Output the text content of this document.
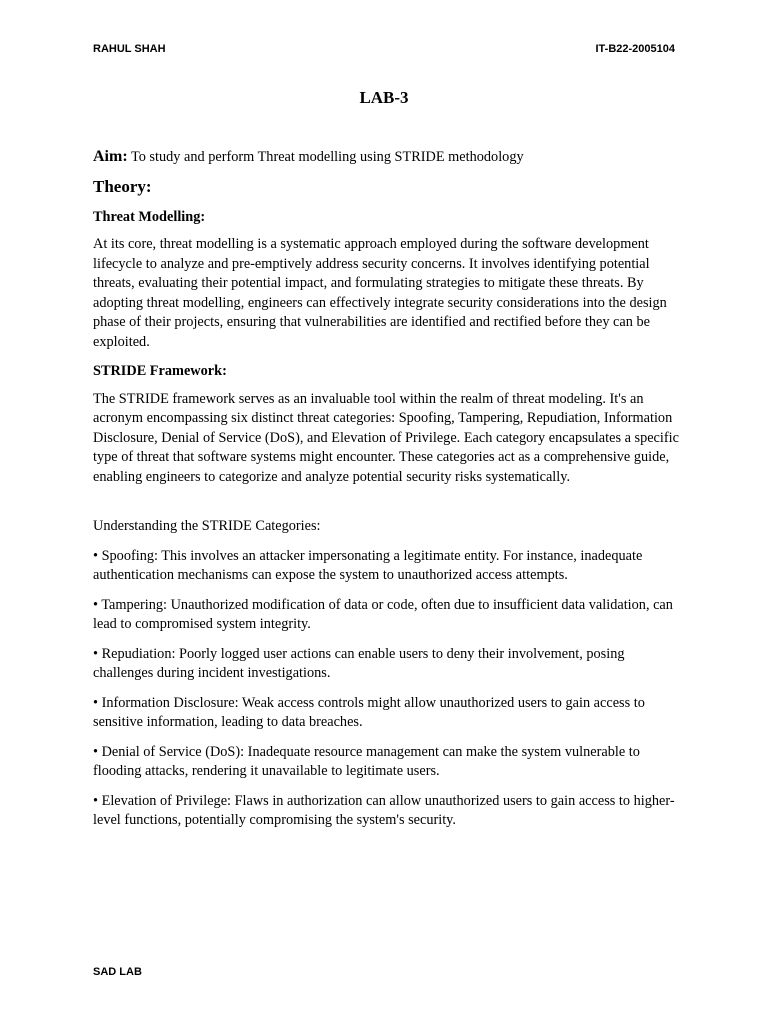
RAHUL SHAH	IT-B22-2005104
LAB-3

Aim: To study and perform Threat modelling using STRIDE methodology

Theory:

Threat Modelling:

At its core, threat modelling is a systematic approach employed during the software development lifecycle to analyze and pre-emptively address security concerns. It involves identifying potential threats, evaluating their potential impact, and formulating strategies to mitigate these threats. By adopting threat modelling, engineers can effectively integrate security considerations into the design phase of their projects, ensuring that vulnerabilities are identified and rectified before they can be exploited.

STRIDE Framework:

The STRIDE framework serves as an invaluable tool within the realm of threat modeling. It's an acronym encompassing six distinct threat categories: Spoofing, Tampering, Repudiation, Information Disclosure, Denial of Service (DoS), and Elevation of Privilege. Each category encapsulates a specific type of threat that software systems might encounter. These categories act as a comprehensive guide, enabling engineers to categorize and analyze potential security risks systematically.

Understanding the STRIDE Categories:

• Spoofing: This involves an attacker impersonating a legitimate entity. For instance, inadequate authentication mechanisms can expose the system to unauthorized access attempts.

• Tampering: Unauthorized modification of data or code, often due to insufficient data validation, can lead to compromised system integrity.

• Repudiation: Poorly logged user actions can enable users to deny their involvement, posing challenges during incident investigations.

• Information Disclosure: Weak access controls might allow unauthorized users to gain access to sensitive information, leading to data breaches.

• Denial of Service (DoS): Inadequate resource management can make the system vulnerable to flooding attacks, rendering it unavailable to legitimate users.

• Elevation of Privilege: Flaws in authorization can allow unauthorized users to gain access to higher-level functions, potentially compromising the system's security.

SAD LAB
